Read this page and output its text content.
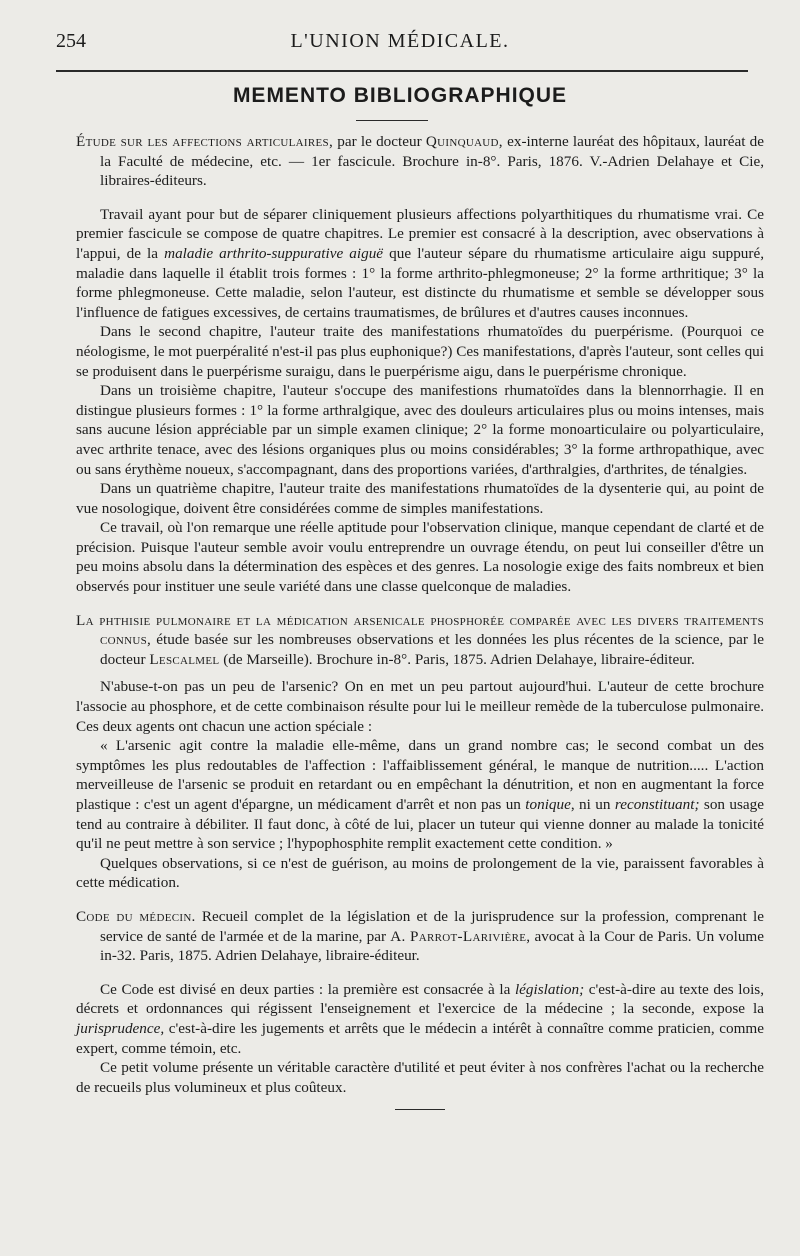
254	L'UNION MÉDICALE.
MEMENTO BIBLIOGRAPHIQUE

Étude sur les affections articulaires, par le docteur Quinquaud, ex-interne lauréat des hôpitaux, lauréat de la Faculté de médecine, etc. — 1er fascicule. Brochure in-8°. Paris, 1876. V.-Adrien Delahaye et Cie, libraires-éditeurs.

Travail ayant pour but de séparer cliniquement plusieurs affections polyarthitiques du rhumatisme vrai. Ce premier fascicule se compose de quatre chapitres. Le premier est consacré à la description, avec observations à l'appui, de la maladie arthrito-suppurative aiguë que l'auteur sépare du rhumatisme articulaire aigu suppuré, maladie dans laquelle il établit trois formes : 1° la forme arthrito-phlegmoneuse; 2° la forme arthritique; 3° la forme phlegmoneuse. Cette maladie, selon l'auteur, est distincte du rhumatisme et semble se développer sous l'influence de fatigues excessives, de certains traumatismes, de brûlures et d'autres causes inconnues.

Dans le second chapitre, l'auteur traite des manifestations rhumatoïdes du puerpérisme. (Pourquoi ce néologisme, le mot puerpéralité n'est-il pas plus euphonique?) Ces manifestations, d'après l'auteur, sont celles qui se produisent dans le puerpérisme suraigu, dans le puerpérisme aigu, dans le puerpérisme chronique.

Dans un troisième chapitre, l'auteur s'occupe des manifestions rhumatoïdes dans la blennorrhagie. Il en distingue plusieurs formes : 1° la forme arthralgique, avec des douleurs articulaires plus ou moins intenses, mais sans aucune lésion appréciable par un simple examen clinique; 2° la forme monoarticulaire ou polyarticulaire, avec arthrite tenace, avec des lésions organiques plus ou moins considérables; 3° la forme arthropathique, avec ou sans érythème noueux, s'accompagnant, dans des proportions variées, d'arthralgies, d'arthrites, de ténalgies.

Dans un quatrième chapitre, l'auteur traite des manifestations rhumatoïdes de la dysenterie qui, au point de vue nosologique, doivent être considérées comme de simples manifestations.

Ce travail, où l'on remarque une réelle aptitude pour l'observation clinique, manque cependant de clarté et de précision. Puisque l'auteur semble avoir voulu entreprendre un ouvrage étendu, on peut lui conseiller d'être un peu moins absolu dans la détermination des espèces et des genres. La nosologie exige des faits nombreux et bien observés pour instituer une seule variété dans une classe quelconque de maladies.

La phthisie pulmonaire et la médication arsenicale phosphorée comparée avec les divers traitements connus, étude basée sur les nombreuses observations et les données les plus récentes de la science, par le docteur Lescalmel (de Marseille). Brochure in-8°. Paris, 1875. Adrien Delahaye, libraire-éditeur.

N'abuse-t-on pas un peu de l'arsenic? On en met un peu partout aujourd'hui. L'auteur de cette brochure l'associe au phosphore, et de cette combinaison résulte pour lui le meilleur remède de la tuberculose pulmonaire. Ces deux agents ont chacun une action spéciale :

« L'arsenic agit contre la maladie elle-même, dans un grand nombre cas; le second combat un des symptômes les plus redoutables de l'affection : l'affaiblissement général, le manque de nutrition..... L'action merveilleuse de l'arsenic se produit en retardant ou en empêchant la dénutrition, et non en augmentant la force plastique : c'est un agent d'épargne, un médicament d'arrêt et non pas un tonique, ni un reconstituant; son usage tend au contraire à débiliter. Il faut donc, à côté de lui, placer un tuteur qui vienne donner au malade la tonicité qu'il ne peut mettre à son service ; l'hypophosphite remplit exactement cette condition. »

Quelques observations, si ce n'est de guérison, au moins de prolongement de la vie, paraissent favorables à cette médication.

Code du médecin. Recueil complet de la législation et de la jurisprudence sur la profession, comprenant le service de santé de l'armée et de la marine, par A. Parrot-Larivière, avocat à la Cour de Paris. Un volume in-32. Paris, 1875. Adrien Delahaye, libraire-éditeur.

Ce Code est divisé en deux parties : la première est consacrée à la législation; c'est-à-dire au texte des lois, décrets et ordonnances qui régissent l'enseignement et l'exercice de la médecine ; la seconde, expose la jurisprudence, c'est-à-dire les jugements et arrêts que le médecin a intérêt à connaître comme praticien, comme expert, comme témoin, etc.

Ce petit volume présente un véritable caractère d'utilité et peut éviter à nos confrères l'achat ou la recherche de recueils plus volumineux et plus coûteux.
